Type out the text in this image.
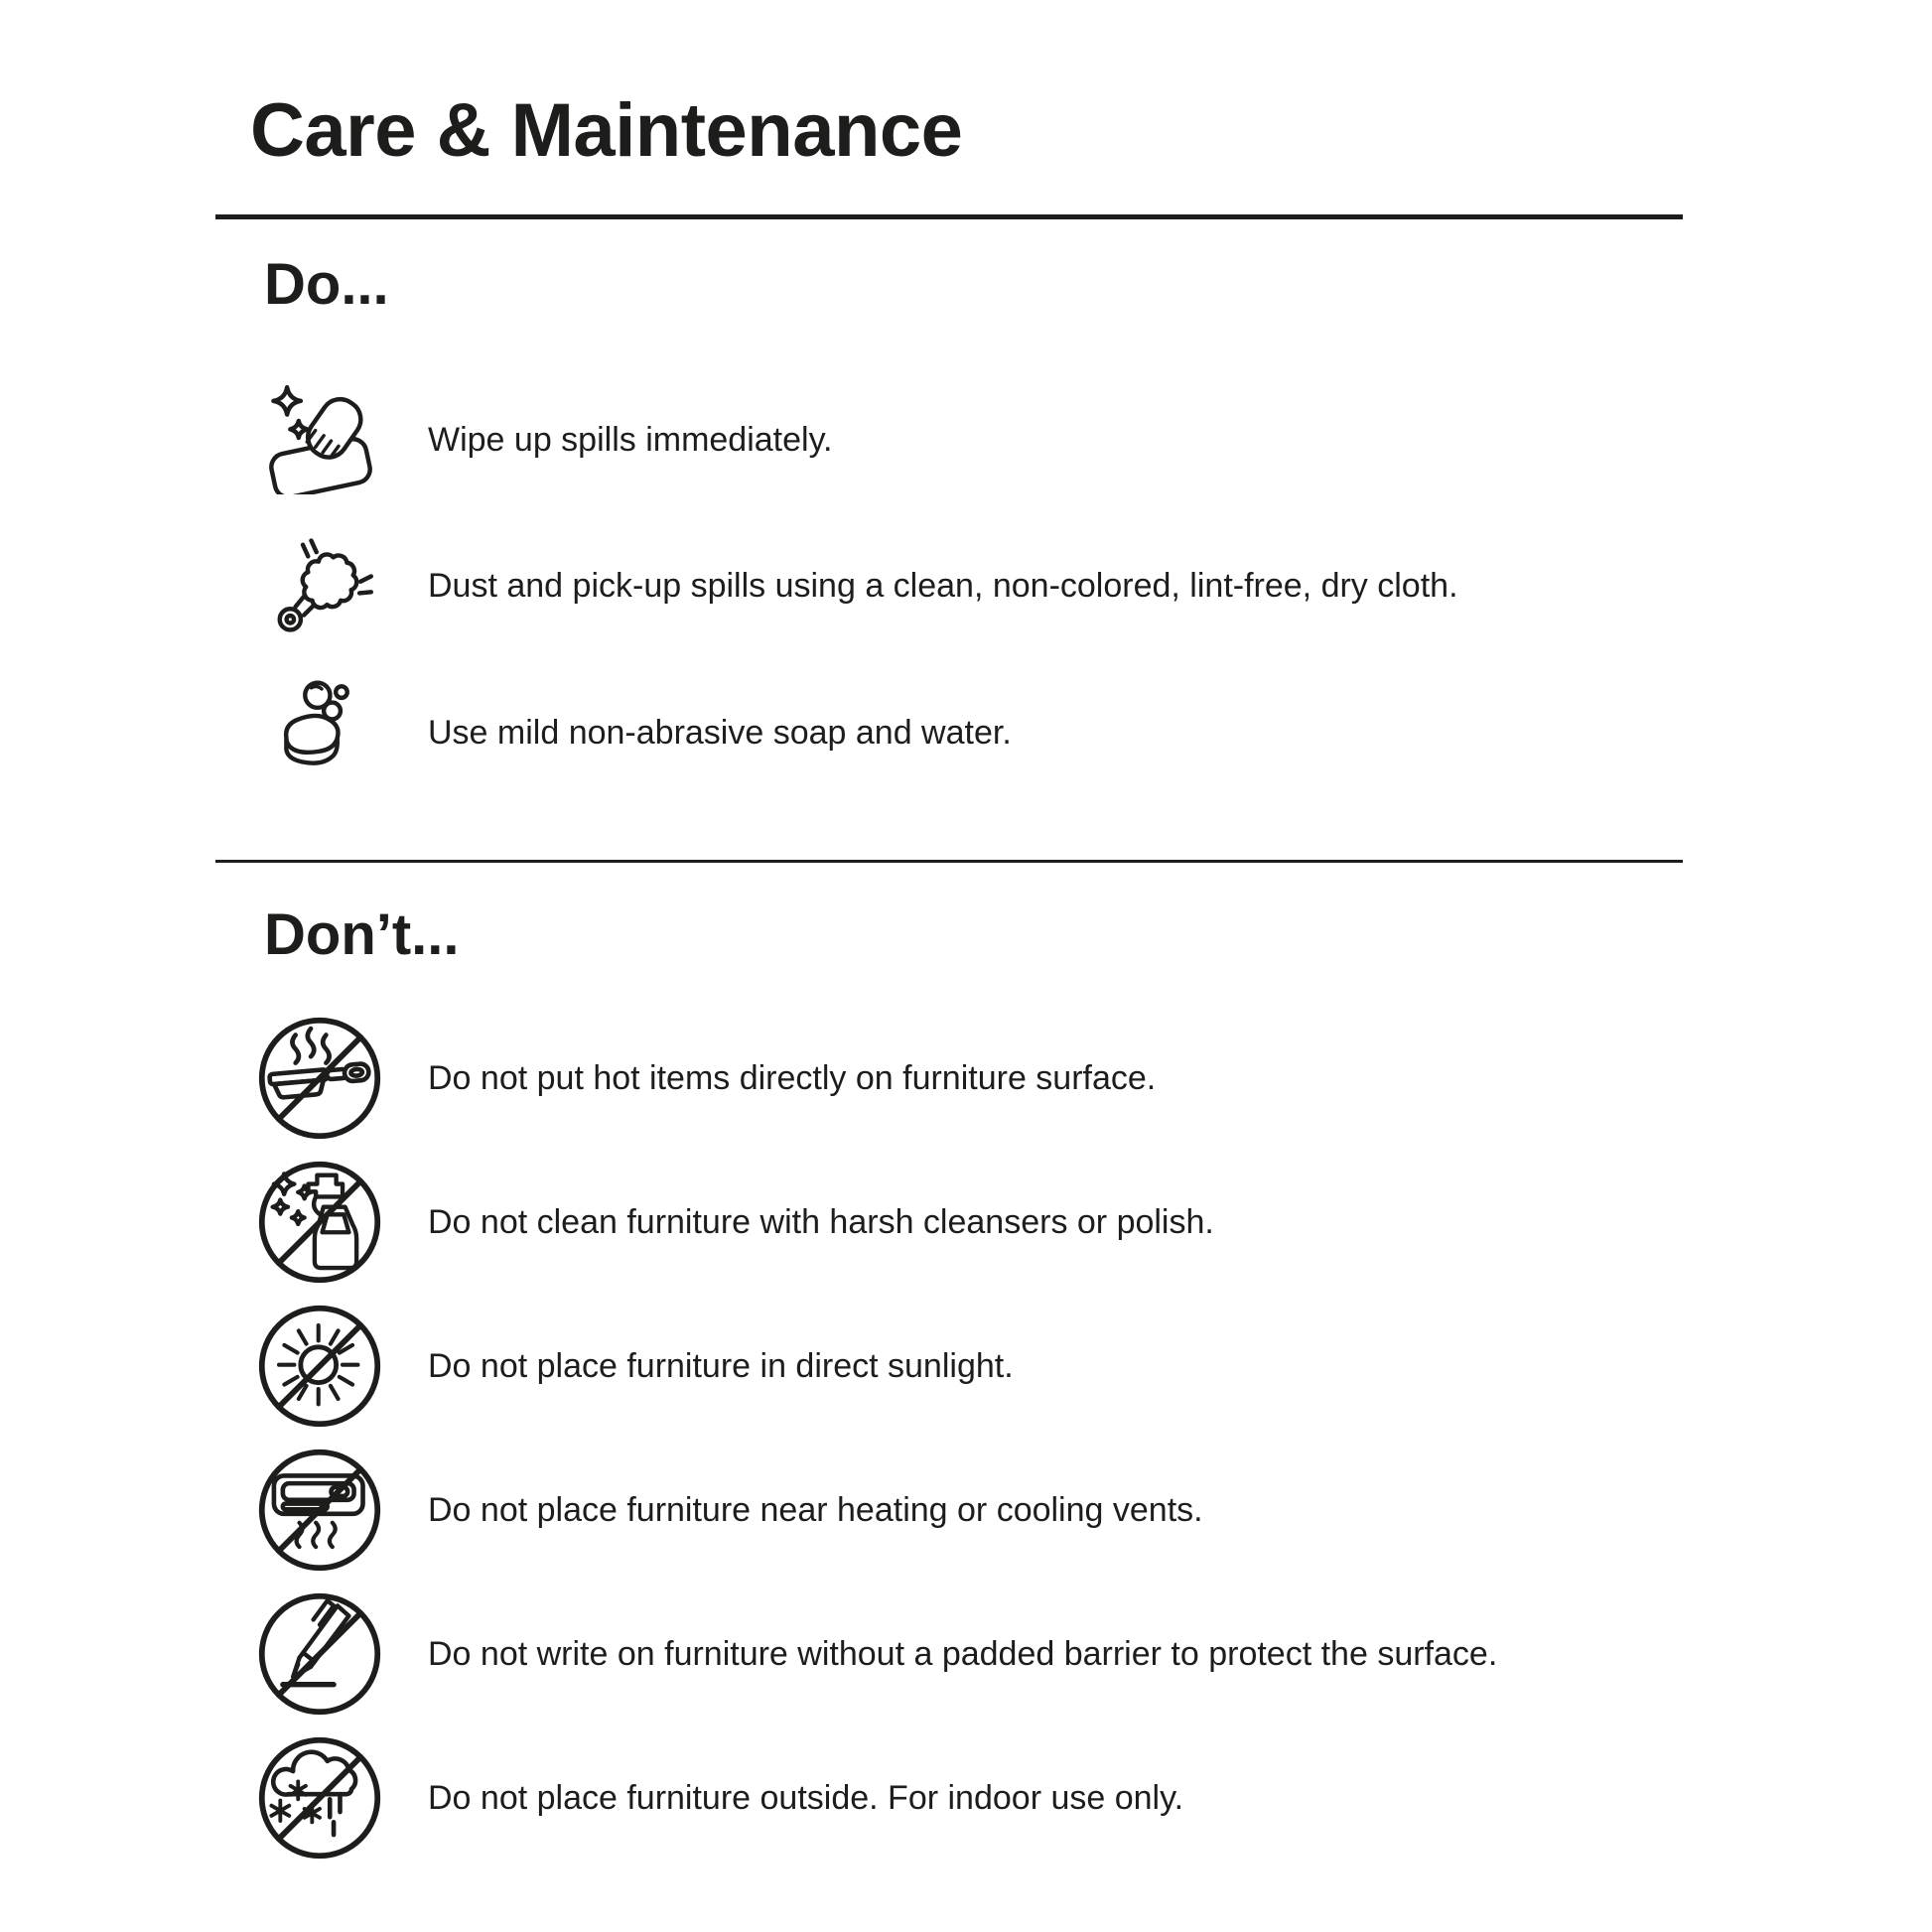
Care & Maintenance
Do...
Wipe up spills immediately.
Dust and pick-up spills using a clean, non-colored, lint-free, dry cloth.
Use mild non-abrasive soap and water.
Don’t...
Do not put hot items directly on furniture surface.
Do not clean furniture with harsh cleansers or polish.
Do not place furniture in direct sunlight.
Do not place furniture near heating or cooling vents.
Do not write on furniture without a padded barrier to protect the surface.
Do not place furniture outside. For indoor use only.
